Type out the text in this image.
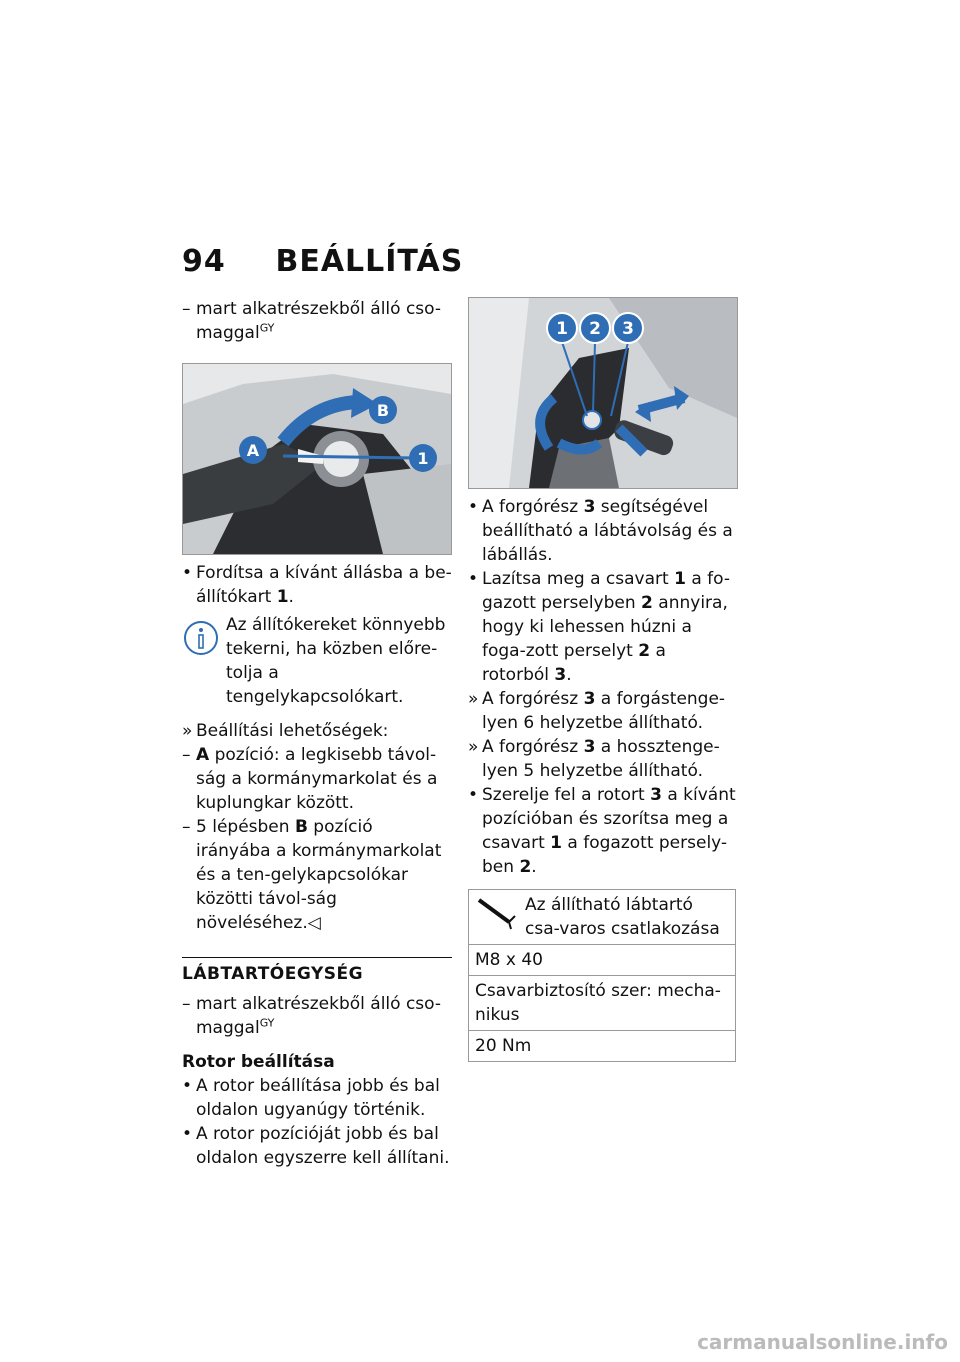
94 BEÁLLÍTÁS

– mart alkatrészekből álló cso-
maggal$^{GY}$

A
B
1

• Fordítsa a kívánt állásba a be-állítókart 1.

Az állítókereket könnyebb tekerni, ha közben előre-tolja a tengelykapcsolókart.

» Beállítási lehetőségek:

– A pozíció: a legkisebb távol-ság a kormánymarkolat és a kuplungkar között.

– 5 lépésben B pozíció irányába a kormánymarkolat és a ten-gelykapcsolókar közötti távol-ság növeléséhez.◁

LÁBTARTÓEGYSÉG

– mart alkatrészekből álló cso-
maggal$^{GY}$

Rotor beállítása

• A rotor beállítása jobb és bal oldalon ugyanúgy történik.

• A rotor pozícióját jobb és bal oldalon egyszerre kell állítani.

1 2 3

• A forgórész 3 segítségével beállítható a lábtávolság és a lábállás.

• Lazítsa meg a csavart 1 a fo-gazott perselyben 2 annyira, hogy ki lehessen húzni a foga-zott perselyt 2 a rotorból 3.

» A forgórész 3 a forgástenge-lyen 6 helyzetbe állítható.

» A forgórész 3 a hossztenge-lyen 5 helyzetbe állítható.

• Szerelje fel a rotort 3 a kívánt pozícióban és szorítsa meg a csavart 1 a fogazott persely-ben 2.

Az állítható lábtartó csa-varos csatlakozása
M8 x 40
Csavarbiztosító szer: mecha-nikus
20 Nm
carmanualsonline.info
